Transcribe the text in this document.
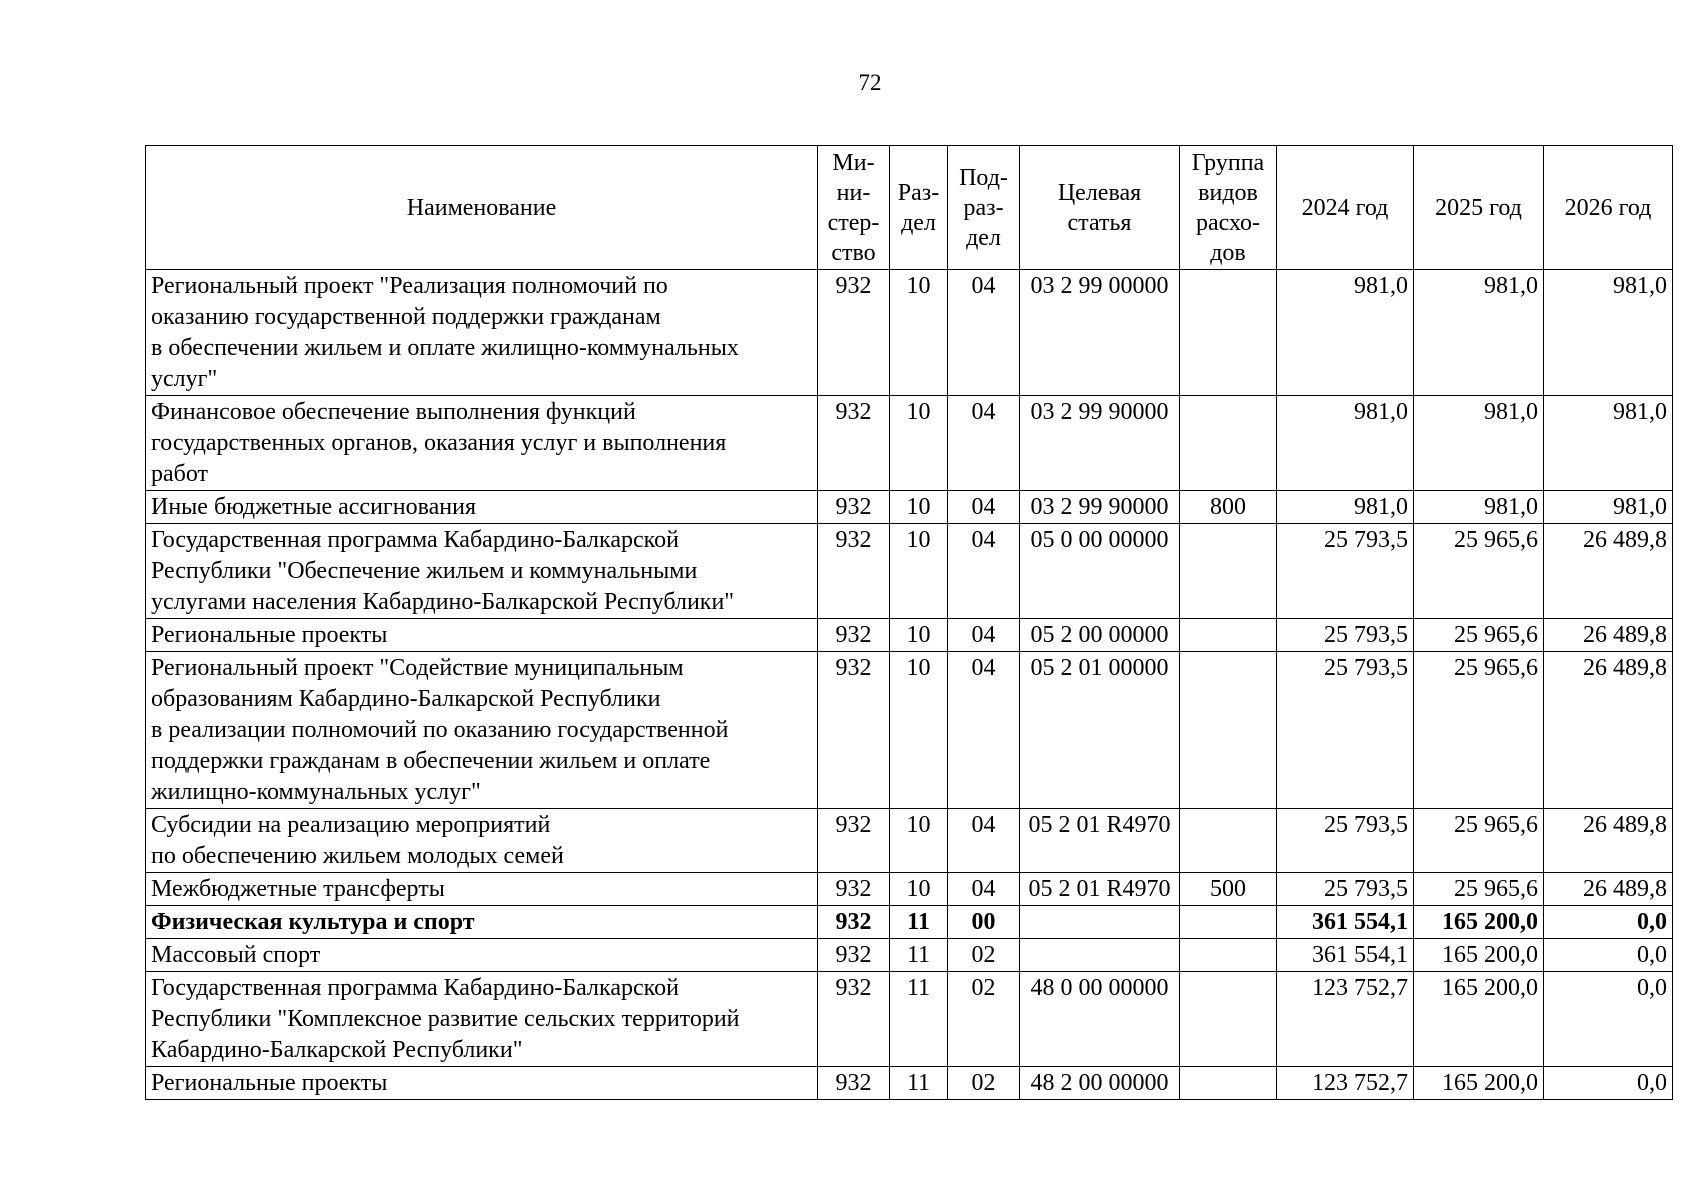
72
Наименование	Ми-
ни-
стер-
ство	Раз-
дел	Под-
раз-
дел	Целевая
статья	Группа
видов
расхо-
дов	2024 год	2025 год	2026 год
Региональный проект "Реализация полномочий по
оказанию государственной поддержки гражданам
в обеспечении жильем и оплате жилищно-коммунальных
услуг"	932	10	04	03 2 99 00000		981,0	981,0	981,0
Финансовое обеспечение выполнения функций
государственных органов, оказания услуг и выполнения
работ	932	10	04	03 2 99 90000		981,0	981,0	981,0
Иные бюджетные ассигнования	932	10	04	03 2 99 90000	800	981,0	981,0	981,0
Государственная программа Кабардино-Балкарской
Республики "Обеспечение жильем и коммунальными
услугами населения Кабардино-Балкарской Республики"	932	10	04	05 0 00 00000		25 793,5	25 965,6	26 489,8
Региональные проекты	932	10	04	05 2 00 00000		25 793,5	25 965,6	26 489,8
Региональный проект "Содействие муниципальным
образованиям Кабардино-Балкарской Республики
в реализации полномочий по оказанию государственной
поддержки гражданам в обеспечении жильем и оплате
жилищно-коммунальных услуг"	932	10	04	05 2 01 00000		25 793,5	25 965,6	26 489,8
Субсидии на реализацию мероприятий
по обеспечению жильем молодых семей	932	10	04	05 2 01 R4970		25 793,5	25 965,6	26 489,8
Межбюджетные трансферты	932	10	04	05 2 01 R4970	500	25 793,5	25 965,6	26 489,8
Физическая культура и спорт	932	11	00			361 554,1	165 200,0	0,0
Массовый спорт	932	11	02			361 554,1	165 200,0	0,0
Государственная программа Кабардино-Балкарской
Республики "Комплексное развитие сельских территорий
Кабардино-Балкарской Республики"	932	11	02	48 0 00 00000		123 752,7	165 200,0	0,0
Региональные проекты	932	11	02	48 2 00 00000		123 752,7	165 200,0	0,0
